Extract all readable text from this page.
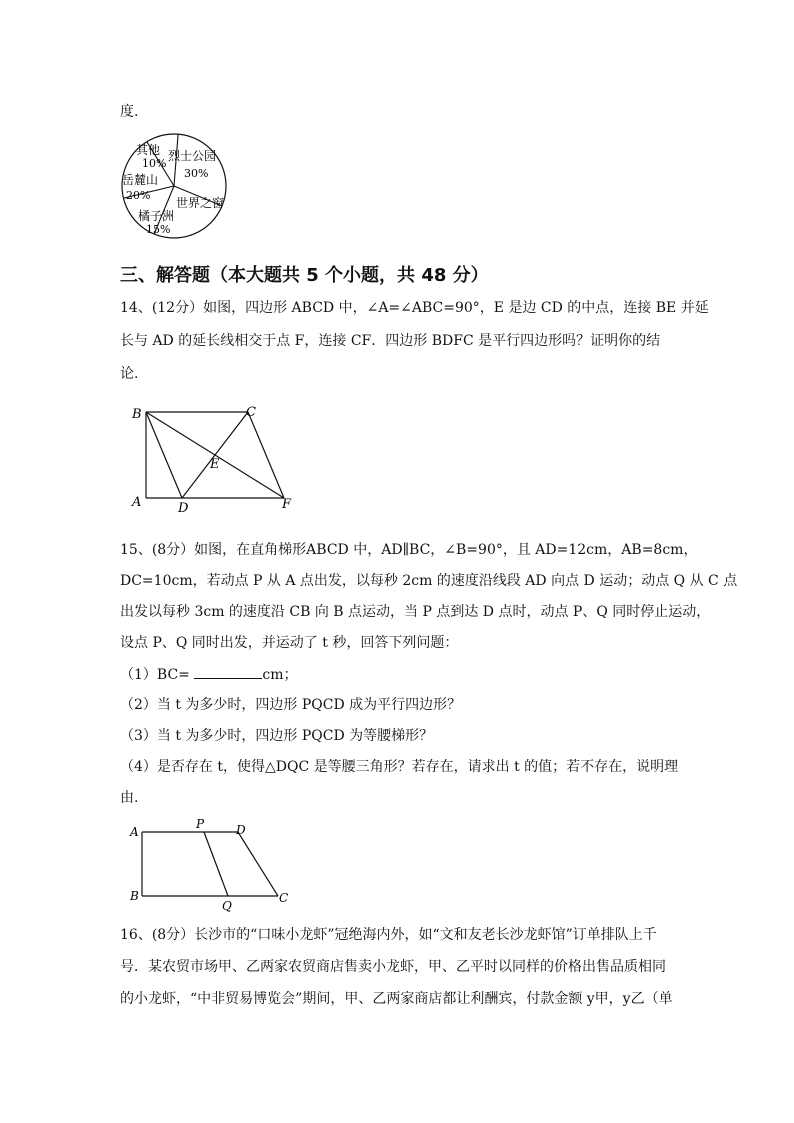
度.
其他
10%
烈士公园
30%
世界之窗
橘子洲
15%
岳麓山
20%
三、解答题（本大题共 5 个小题，共 48 分）
14、(12分）如图，四边形 ABCD 中，∠A=∠ABC=90°，E 是边 CD 的中点，连接 BE 并延
长与 AD 的延长线相交于点 F，连接 CF．四边形 BDFC 是平行四边形吗？证明你的结
论.
B	C
E
A	D	F
15、(8分）如图，在直角梯形ABCD 中，AD∥BC，∠B=90°，且 AD=12cm，AB=8cm，
DC=10cm，若动点 P 从 A 点出发，以每秒 2cm 的速度沿线段 AD 向点 D 运动；动点 Q 从 C 点
出发以每秒 3cm 的速度沿 CB 向 B 点运动，当 P 点到达 D 点时，动点 P、Q 同时停止运动，
设点 P、Q 同时出发，并运动了 t 秒，回答下列问题：
（1）BC=	cm；
（2）当 t 为多少时，四边形 PQCD 成为平行四边形？
（3）当 t 为多少时，四边形 PQCD 为等腰梯形？
（4）是否存在 t，使得△DQC 是等腰三角形？若存在，请求出 t 的值；若不存在，说明理
由.
A
P	D
B
Q
C
16、(8分）长沙市的“口味小龙虾”冠绝海内外，如“文和友老长沙龙虾馆”订单排队上千
号．某农贸市场甲、乙两家农贸商店售卖小龙虾，甲、乙平时以同样的价格出售品质相同
的小龙虾，“中非贸易博览会”期间，甲、乙两家商店都让利酬宾，付款金额 y甲，y乙（单
